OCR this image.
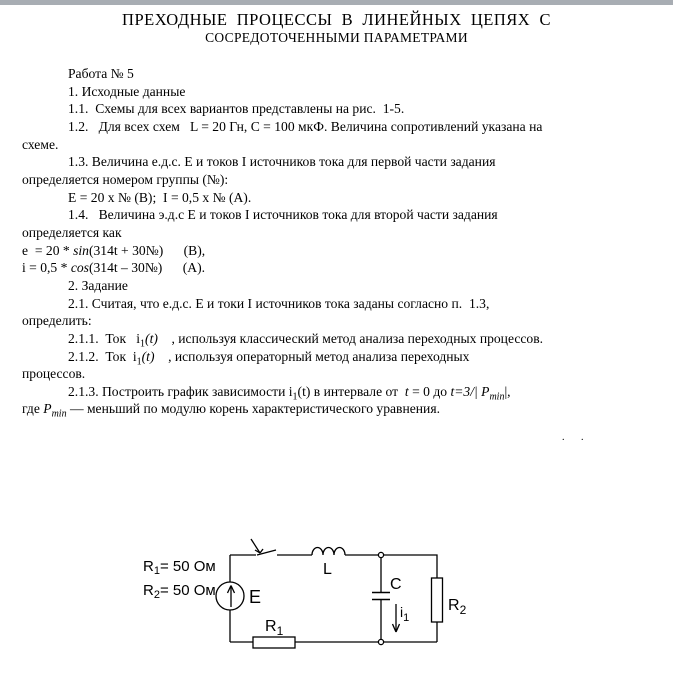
ПРЕХОДНЫЕ  ПРОЦЕССЫ  В  ЛИНЕЙНЫХ  ЦЕПЯХ  С
СОСРЕДОТОЧЕННЫМИ ПАРАМЕТРАМИ
Работа № 5
1. Исходные данные
1.1.  Схемы для всех вариантов представлены на рис.  1-5.
1.2.   Для всех схем   L = 20 Гн, С = 100 мкФ. Величина сопротивлений указана на
схеме.
1.3. Величина е.д.с. Е и токов I источников тока для первой части задания
определяется номером группы (№):
Е = 20 х № (В);  I = 0,5 х № (А).
1.4.   Величина э.д.с Е и токов I источников тока для второй части задания
определяется как
е  = 20 * sin(314t + 30№)      (В),
i = 0,5 * cos(314t – 30№)      (А).
2. Задание
2.1. Считая, что е.д.с. Е и токи I источников тока заданы согласно п.  1.3,
определить:
2.1.1.  Ток   $i_1(t)$    , используя классический метод анализа переходных процессов.
2.1.2.  Ток  $i_1(t)$    , используя операторный метод анализа переходных
процессов.
2.1.3. Построить график зависимости $i_1(t)$ в интервале от  t = 0 до t=3/| $P_{min}|$,
где $P_{min}$ — меньший по модулю корень характеристического уравнения.
. .
$R_1= 50$ Ом
$R_2= 50$ Ом E
L
C
$R_2$
$R_1$
$i_1$
